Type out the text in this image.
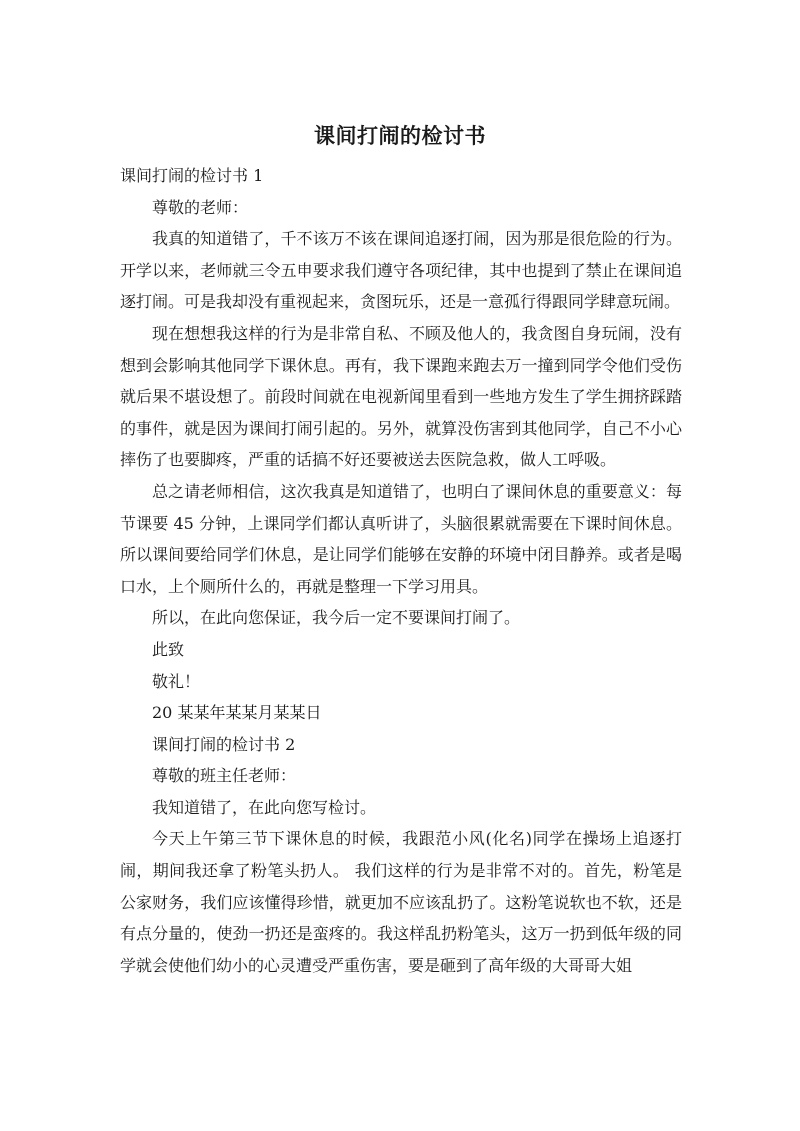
课间打闹的检讨书

课间打闹的检讨书 1

尊敬的老师：

我真的知道错了，千不该万不该在课间追逐打闹，因为那是很危险的行为。开学以来，老师就三令五申要求我们遵守各项纪律，其中也提到了禁止在课间追逐打闹。可是我却没有重视起来，贪图玩乐，还是一意孤行得跟同学肆意玩闹。

现在想想我这样的行为是非常自私、不顾及他人的，我贪图自身玩闹，没有想到会影响其他同学下课休息。再有，我下课跑来跑去万一撞到同学令他们受伤就后果不堪设想了。前段时间就在电视新闻里看到一些地方发生了学生拥挤踩踏的事件，就是因为课间打闹引起的。另外，就算没伤害到其他同学，自己不小心摔伤了也要脚疼，严重的话搞不好还要被送去医院急救，做人工呼吸。

总之请老师相信，这次我真是知道错了，也明白了课间休息的重要意义：每节课要 45 分钟，上课同学们都认真听讲了，头脑很累就需要在下课时间休息。所以课间要给同学们休息，是让同学们能够在安静的环境中闭目静养。或者是喝口水，上个厕所什么的，再就是整理一下学习用具。

所以，在此向您保证，我今后一定不要课间打闹了。

此致

敬礼！

20 某某年某某月某某日

课间打闹的检讨书 2

尊敬的班主任老师：

我知道错了，在此向您写检讨。

今天上午第三节下课休息的时候，我跟范小风(化名)同学在操场上追逐打闹，期间我还拿了粉笔头扔人。 我们这样的行为是非常不对的。首先，粉笔是公家财务，我们应该懂得珍惜，就更加不应该乱扔了。这粉笔说软也不软，还是有点分量的，使劲一扔还是蛮疼的。我这样乱扔粉笔头，这万一扔到低年级的同学就会使他们幼小的心灵遭受严重伤害，要是砸到了高年级的大哥哥大姐
